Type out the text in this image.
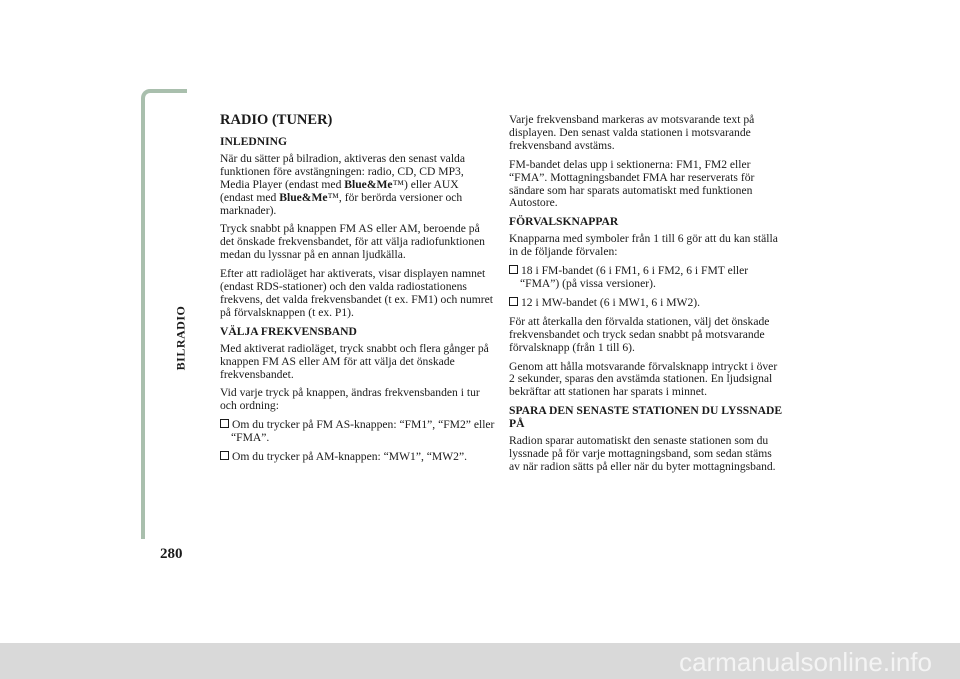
BILRADIO
280
RADIO (TUNER)
INLEDNING

När du sätter på bilradion, aktiveras den senast valda funktionen före avstängningen: radio, CD, CD MP3, Media Player (endast med Blue&Me™) eller AUX (endast med Blue&Me™, för berörda versioner och marknader).

Tryck snabbt på knappen FM AS eller AM, beroende på det önskade frekvensbandet, för att välja radiofunktionen medan du lyssnar på en annan ljudkälla.

Efter att radioläget har aktiverats, visar displayen namnet (endast RDS-stationer) och den valda radiostationens frekvens, det valda frekvensbandet (t ex. FM1) och numret på förvalsknappen (t ex. P1).

VÄLJA FREKVENSBAND

Med aktiverat radioläget, tryck snabbt och flera gånger på knappen FM AS eller AM för att välja det önskade frekvensbandet.

Vid varje tryck på knappen, ändras frekvensbanden i tur och ordning:

Om du trycker på FM AS-knappen: “FM1”, “FM2” eller “FMA”.
Om du trycker på AM-knappen: “MW1”, “MW2”.

Varje frekvensband markeras av motsvarande text på displayen. Den senast valda stationen i motsvarande frekvensband avstäms.

FM-bandet delas upp i sektionerna: FM1, FM2 eller “FMA”. Mottagningsbandet FMA har reserverats för sändare som har sparats automatiskt med funktionen Autostore.

FÖRVALSKNAPPAR

Knapparna med symboler från 1 till 6 gör att du kan ställa in de följande förvalen:

18 i FM-bandet (6 i FM1, 6 i FM2, 6 i FMT eller “FMA”) (på vissa versioner).
12 i MW-bandet (6 i MW1, 6 i MW2).

För att återkalla den förvalda stationen, välj det önskade frekvensbandet och tryck sedan snabbt på motsvarande förvalsknapp (från 1 till 6).

Genom att hålla motsvarande förvalsknapp intryckt i över 2 sekunder, sparas den avstämda stationen. En ljudsignal bekräftar att stationen har sparats i minnet.

SPARA DEN SENASTE STATIONEN DU LYSSNADE PÅ

Radion sparar automatiskt den senaste stationen som du lyssnade på för varje mottagningsband, som sedan stäms av när radion sätts på eller när du byter mottagningsband.

carmanualsonline.info
